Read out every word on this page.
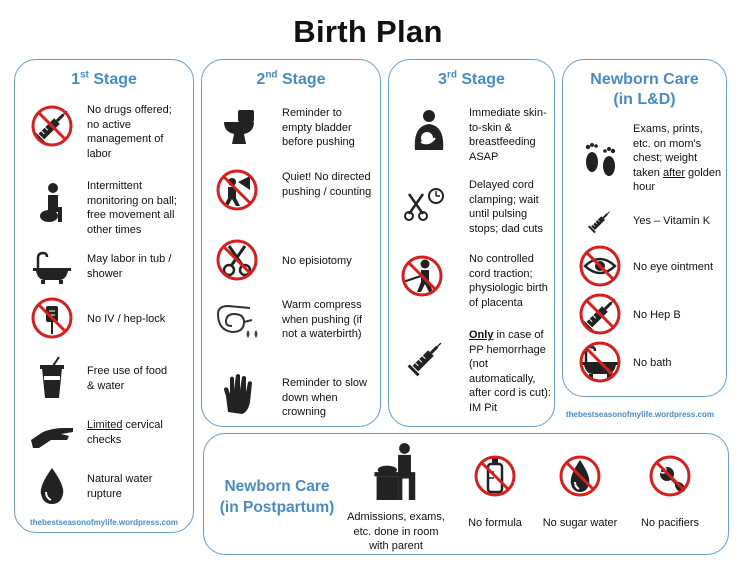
Birth Plan
1st Stage
No drugs offered; no active management of labor
Intermittent monitoring on ball; free movement all other times
May labor in tub / shower
No IV / hep-lock
Free use of food & water
Limited cervical checks
Natural water rupture
thebestseasonofmylife.wordpress.com
2nd Stage
Reminder to empty bladder before pushing
Quiet! No directed pushing / counting
No episiotomy
Warm compress when pushing (if not a waterbirth)
Reminder to slow down when crowning
3rd Stage
Immediate skin-to-skin & breastfeeding ASAP
Delayed cord clamping; wait until pulsing stops; dad cuts
No controlled cord traction; physiologic birth of placenta
Only in case of PP hemorrhage (not automatically, after cord is cut): IM Pit
Newborn Care
(in L&D)
Exams, prints, etc. on mom's chest; weight taken after golden hour
Yes – Vitamin K
No eye ointment
No Hep B
No bath
thebestseasonofmylife.wordpress.com
Newborn Care
(in Postpartum)
Admissions, exams, etc. done in room with parent
No formula	No sugar water	No pacifiers
